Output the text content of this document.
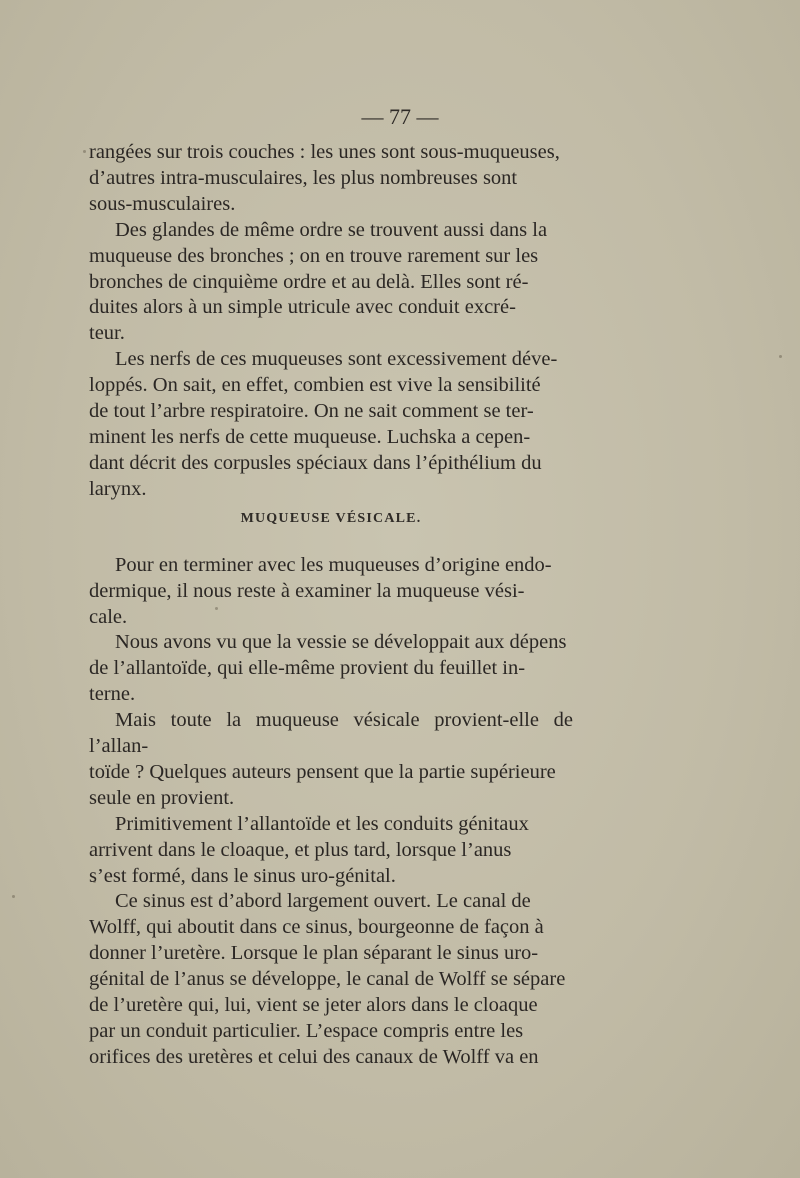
— 77 —

rangées sur trois couches : les unes sont sous-muqueuses,
d’autres intra-musculaires, les plus nombreuses sont
sous-musculaires.

Des glandes de même ordre se trouvent aussi dans la
muqueuse des bronches ; on en trouve rarement sur les
bronches de cinquième ordre et au delà. Elles sont ré-
duites alors à un simple utricule avec conduit excré-
teur.

Les nerfs de ces muqueuses sont excessivement déve-
loppés. On sait, en effet, combien est vive la sensibilité
de tout l’arbre respiratoire. On ne sait comment se ter-
minent les nerfs de cette muqueuse. Luchska a cepen-
dant décrit des corpusles spéciaux dans l’épithélium du
larynx.

MUQUEUSE VÉSICALE.

Pour en terminer avec les muqueuses d’origine endo-
dermique, il nous reste à examiner la muqueuse vési-
cale.

Nous avons vu que la vessie se développait aux dépens
de l’allantoïde, qui elle-même provient du feuillet in-
terne.

Mais toute la muqueuse vésicale provient-elle de l’allan-
toïde ? Quelques auteurs pensent que la partie supérieure
seule en provient.

Primitivement l’allantoïde et les conduits génitaux
arrivent dans le cloaque, et plus tard, lorsque l’anus
s’est formé, dans le sinus uro-génital.

Ce sinus est d’abord largement ouvert. Le canal de
Wolff, qui aboutit dans ce sinus, bourgeonne de façon à
donner l’uretère. Lorsque le plan séparant le sinus uro-
génital de l’anus se développe, le canal de Wolff se sépare
de l’uretère qui, lui, vient se jeter alors dans le cloaque
par un conduit particulier. L’espace compris entre les
orifices des uretères et celui des canaux de Wolff va en
